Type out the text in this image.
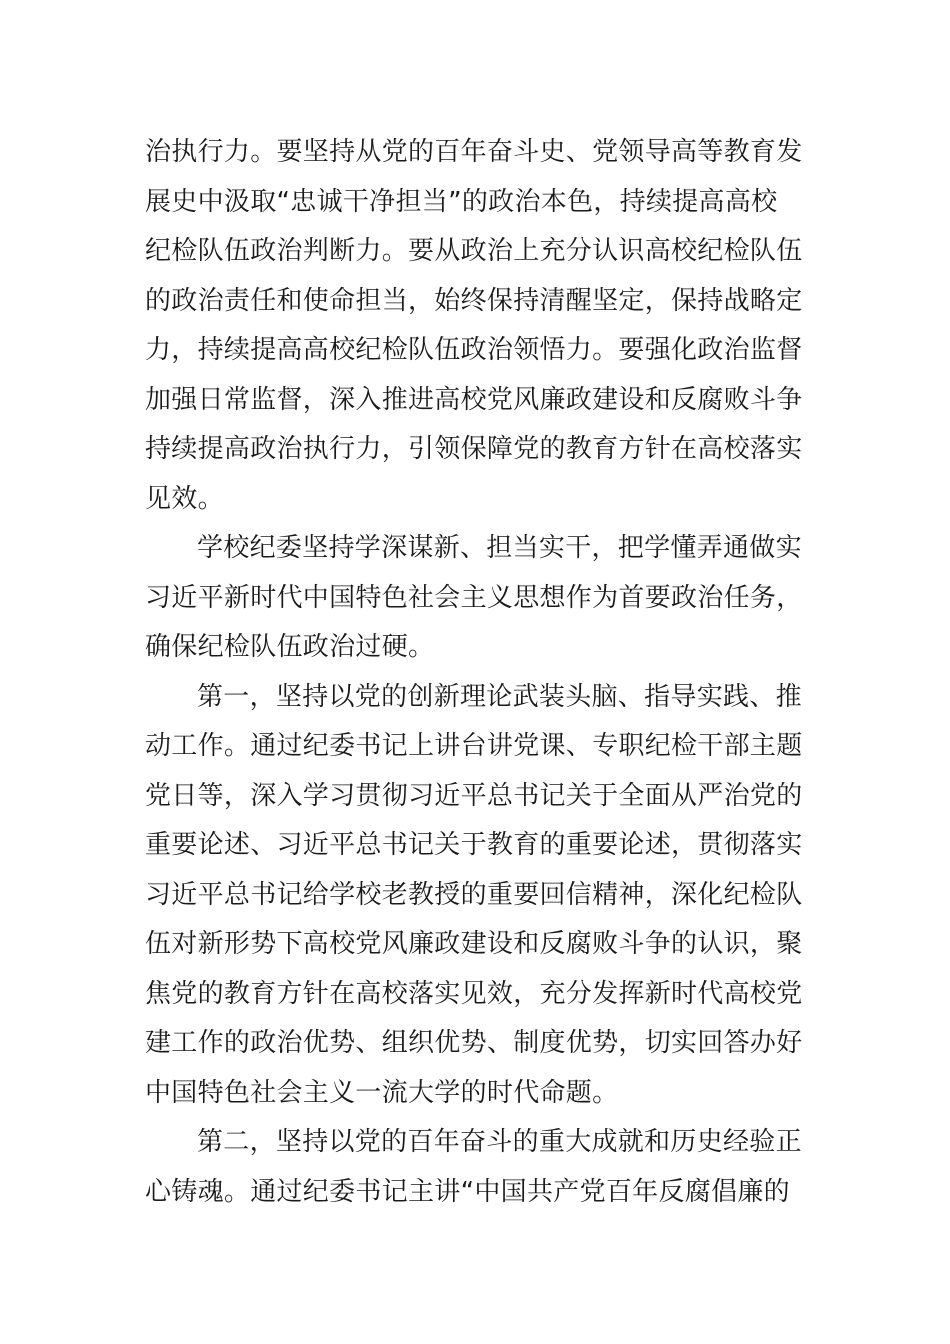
治执行力。要坚持从党的百年奋斗史、党领导高等教育发
展史中汲取“忠诚干净担当”的政治本色，持续提高高校
纪检队伍政治判断力。要从政治上充分认识高校纪检队伍
的政治责任和使命担当，始终保持清醒坚定，保持战略定
力，持续提高高校纪检队伍政治领悟力。要强化政治监督
加强日常监督，深入推进高校党风廉政建设和反腐败斗争
持续提高政治执行力，引领保障党的教育方针在高校落实
见效。
学校纪委坚持学深谋新、担当实干，把学懂弄通做实
习近平新时代中国特色社会主义思想作为首要政治任务，
确保纪检队伍政治过硬。
第一，坚持以党的创新理论武装头脑、指导实践、推
动工作。通过纪委书记上讲台讲党课、专职纪检干部主题
党日等，深入学习贯彻习近平总书记关于全面从严治党的
重要论述、习近平总书记关于教育的重要论述，贯彻落实
习近平总书记给学校老教授的重要回信精神，深化纪检队
伍对新形势下高校党风廉政建设和反腐败斗争的认识，聚
焦党的教育方针在高校落实见效，充分发挥新时代高校党
建工作的政治优势、组织优势、制度优势，切实回答办好
中国特色社会主义一流大学的时代命题。
第二，坚持以党的百年奋斗的重大成就和历史经验正
心铸魂。通过纪委书记主讲“中国共产党百年反腐倡廉的
